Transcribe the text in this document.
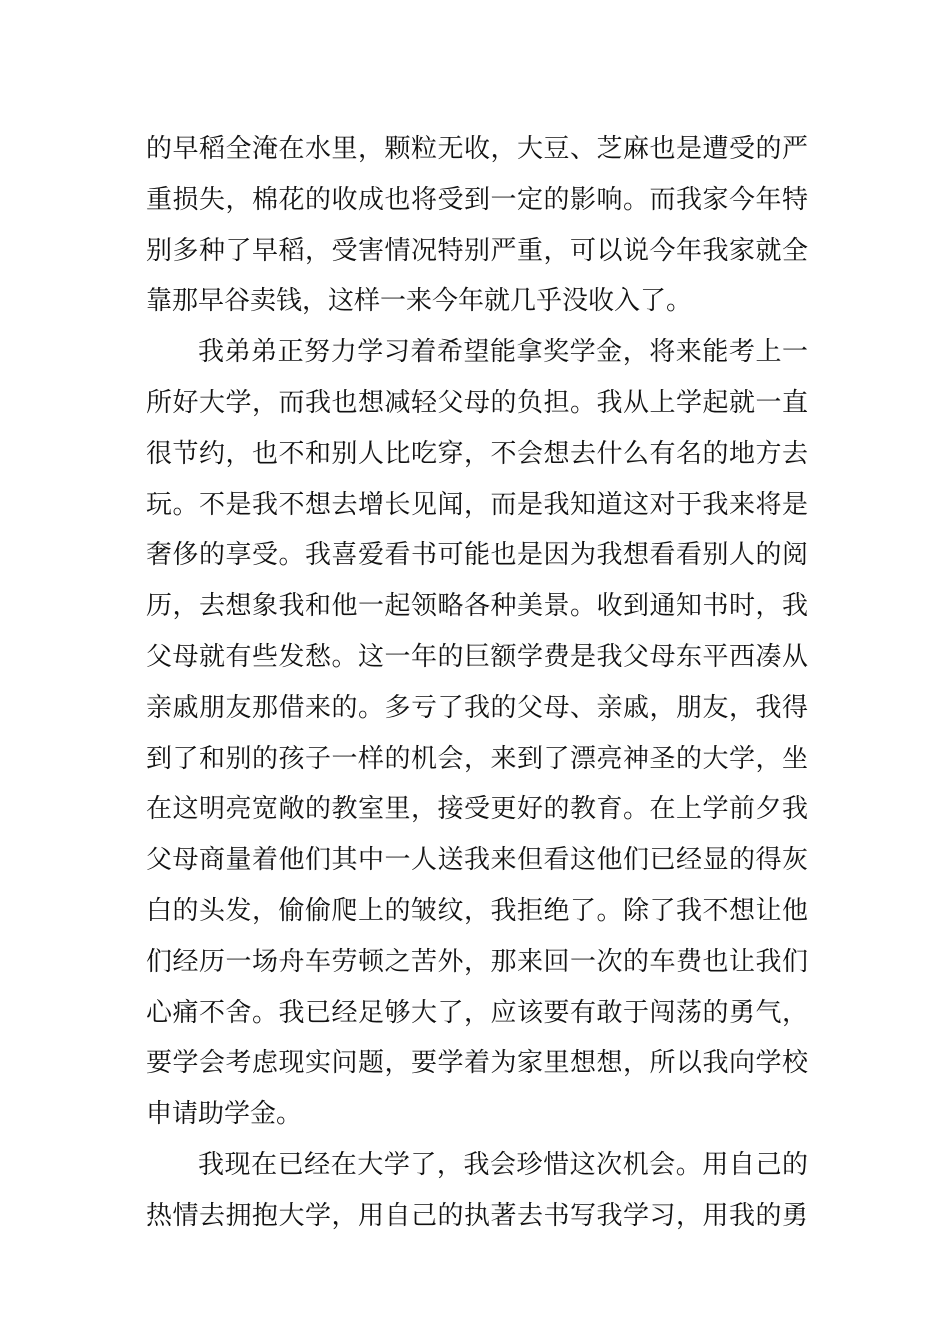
的早稻全淹在水里，颗粒无收，大豆、芝麻也是遭受的严
重损失，棉花的收成也将受到一定的影响。而我家今年特
别多种了早稻，受害情况特别严重，可以说今年我家就全
靠那早谷卖钱，这样一来今年就几乎没收入了。
我弟弟正努力学习着希望能拿奖学金，将来能考上一
所好大学，而我也想减轻父母的负担。我从上学起就一直
很节约，也不和别人比吃穿，不会想去什么有名的地方去
玩。不是我不想去增长见闻，而是我知道这对于我来将是
奢侈的享受。我喜爱看书可能也是因为我想看看别人的阅
历，去想象我和他一起领略各种美景。收到通知书时，我
父母就有些发愁。这一年的巨额学费是我父母东平西凑从
亲戚朋友那借来的。多亏了我的父母、亲戚，朋友，我得
到了和别的孩子一样的机会，来到了漂亮神圣的大学，坐
在这明亮宽敞的教室里，接受更好的教育。在上学前夕我
父母商量着他们其中一人送我来但看这他们已经显的得灰
白的头发，偷偷爬上的皱纹，我拒绝了。除了我不想让他
们经历一场舟车劳顿之苦外，那来回一次的车费也让我们
心痛不舍。我已经足够大了，应该要有敢于闯荡的勇气，
要学会考虑现实问题，要学着为家里想想，所以我向学校
申请助学金。
我现在已经在大学了，我会珍惜这次机会。用自己的
热情去拥抱大学，用自己的执著去书写我学习，用我的勇
